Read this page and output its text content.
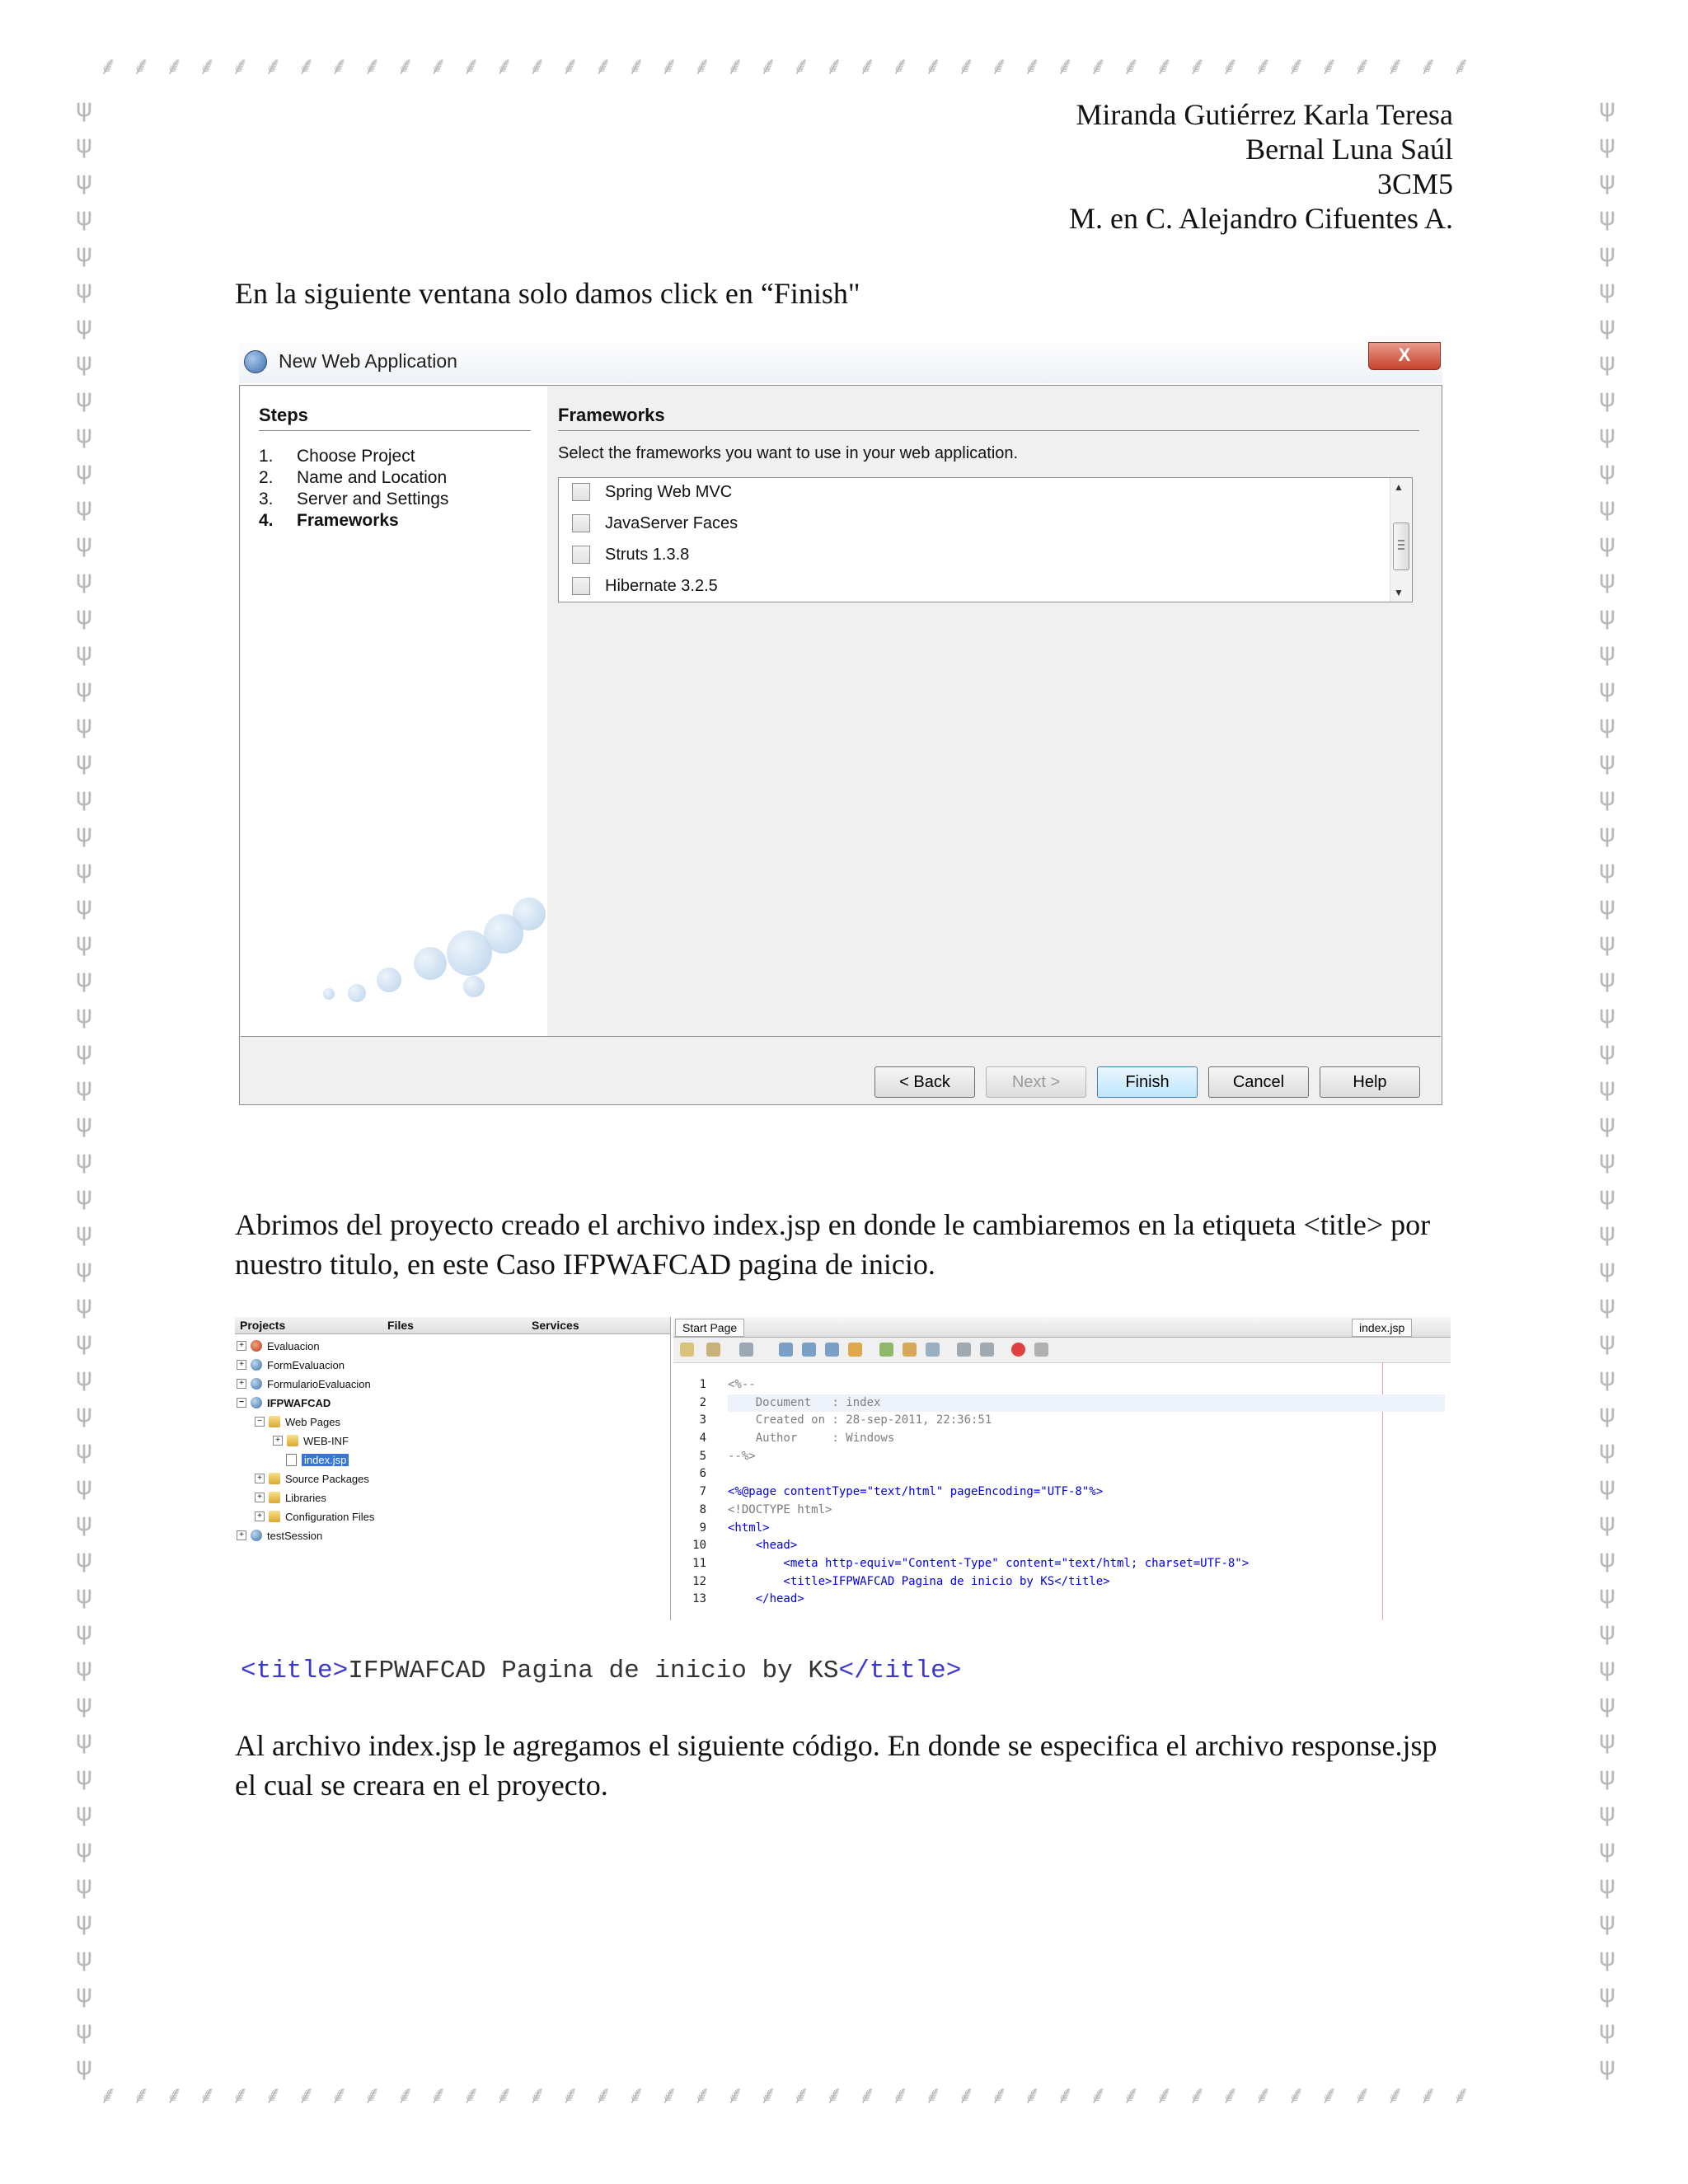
⸙ ⸙ ⸙ ⸙ ⸙ ⸙ ⸙ ⸙ ⸙ ⸙ ⸙ ⸙ ⸙ ⸙ ⸙ ⸙ ⸙ ⸙ ⸙ ⸙ ⸙ ⸙ ⸙ ⸙ ⸙ ⸙ ⸙ ⸙ ⸙ ⸙ ⸙ ⸙ ⸙ ⸙ ⸙ ⸙ ⸙ ⸙ ⸙ ⸙ ⸙ ⸙
⸙ ⸙ ⸙ ⸙ ⸙ ⸙ ⸙ ⸙ ⸙ ⸙ ⸙ ⸙ ⸙ ⸙ ⸙ ⸙ ⸙ ⸙ ⸙ ⸙ ⸙ ⸙ ⸙ ⸙ ⸙ ⸙ ⸙ ⸙ ⸙ ⸙ ⸙ ⸙ ⸙ ⸙ ⸙ ⸙ ⸙ ⸙ ⸙ ⸙ ⸙ ⸙
ψ
ψ
ψ
ψ
ψ
ψ
ψ
ψ
ψ
ψ
ψ
ψ
ψ
ψ
ψ
ψ
ψ
ψ
ψ
ψ
ψ
ψ
ψ
ψ
ψ
ψ
ψ
ψ
ψ
ψ
ψ
ψ
ψ
ψ
ψ
ψ
ψ
ψ
ψ
ψ
ψ
ψ
ψ
ψ
ψ
ψ
ψ
ψ
ψ
ψ
ψ
ψ
ψ
ψ
ψ
ψ
ψ
ψ
ψ
ψ
ψ
ψ
ψ
ψ
ψ
ψ
ψ
ψ
ψ
ψ
ψ
ψ
ψ
ψ
ψ
ψ
ψ
ψ
ψ
ψ
ψ
ψ
ψ
ψ
ψ
ψ
ψ
ψ
ψ
ψ
ψ
ψ
ψ
ψ
ψ
ψ
ψ
ψ
ψ
ψ
ψ
ψ
ψ
ψ
ψ
ψ
ψ
ψ
ψ
ψ
Miranda Gutiérrez Karla Teresa
Bernal Luna Saúl
3CM5
M. en C. Alejandro Cifuentes A.
En la siguiente ventana solo damos click en “Finish"
New Web Application	X
Steps
1.	Choose Project
2.	Name and Location
3.	Server and Settings
4.	Frameworks
Frameworks
Select the frameworks you want to use in your web application.
Spring Web MVC
JavaServer Faces
Struts 1.3.8
Hibernate 3.2.5
▲
▼
< Back	Next >	Finish	Cancel	Help
Abrimos del proyecto creado el archivo index.jsp en donde le cambiaremos en la etiqueta <title> por nuestro titulo, en este Caso IFPWAFCAD pagina de inicio.
Projects	Files	Services
+ Evaluacion
+ FormEvaluacion
+ FormularioEvaluacion
− IFPWAFCAD
− Web Pages
+ WEB-INF
index.jsp
+ Source Packages
+ Libraries
+ Configuration Files
+ testSession
Start Page	index.jsp
1
2
3
4
5
6
7
8
9
10
11
12
13
<%--
Document   : index
Created on : 28-sep-2011, 22:36:51
Author     : Windows
--%>
<%@page contentType="text/html" pageEncoding="UTF-8"%>
<!DOCTYPE html>
<html>
<head>
<meta http-equiv="Content-Type" content="text/html; charset=UTF-8">
<title>IFPWAFCAD Pagina de inicio by KS</title>
</head>
<title>IFPWAFCAD Pagina de inicio by KS</title>
Al archivo index.jsp le agregamos el siguiente código. En donde se especifica el archivo response.jsp el cual se creara en el proyecto.
